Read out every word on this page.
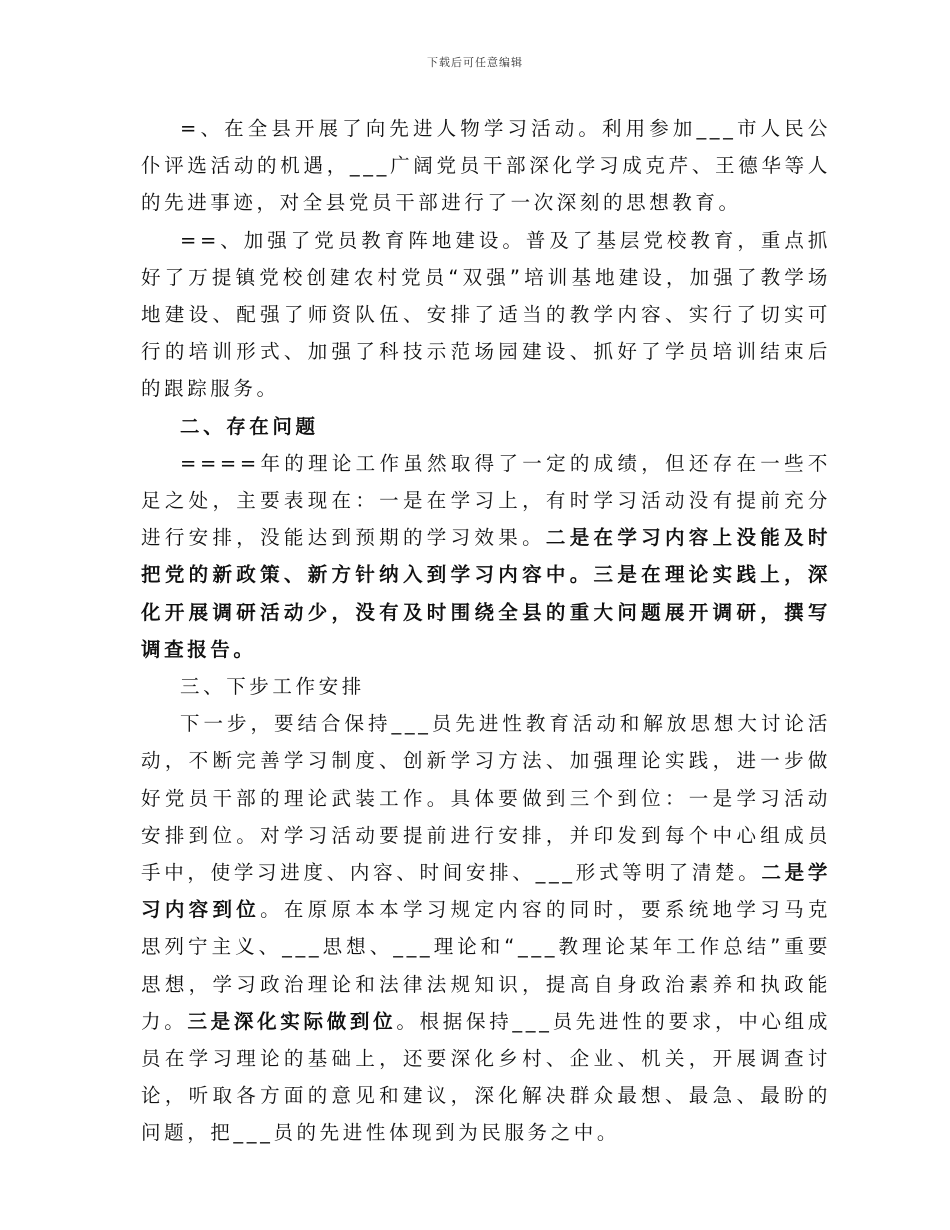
下载后可任意编辑

=、在全县开展了向先进人物学习活动。利用参加___市人民公仆评选活动的机遇，___广阔党员干部深化学习成克芹、王德华等人的先进事迹，对全县党员干部进行了一次深刻的思想教育。

==、加强了党员教育阵地建设。普及了基层党校教育，重点抓好了万提镇党校创建农村党员“双强”培训基地建设，加强了教学场地建设、配强了师资队伍、安排了适当的教学内容、实行了切实可行的培训形式、加强了科技示范场园建设、抓好了学员培训结束后的跟踪服务。

二、存在问题

====年的理论工作虽然取得了一定的成绩，但还存在一些不足之处，主要表现在：一是在学习上，有时学习活动没有提前充分进行安排，没能达到预期的学习效果。二是在学习内容上没能及时把党的新政策、新方针纳入到学习内容中。三是在理论实践上，深化开展调研活动少，没有及时围绕全县的重大问题展开调研，撰写调查报告。

三、下步工作安排

下一步，要结合保持___员先进性教育活动和解放思想大讨论活动，不断完善学习制度、创新学习方法、加强理论实践，进一步做好党员干部的理论武装工作。具体要做到三个到位：一是学习活动安排到位。对学习活动要提前进行安排，并印发到每个中心组成员手中，使学习进度、内容、时间安排、___形式等明了清楚。二是学习内容到位。在原原本本学习规定内容的同时，要系统地学习马克思列宁主义、___思想、___理论和“___教理论某年工作总结”重要思想，学习政治理论和法律法规知识，提高自身政治素养和执政能力。三是深化实际做到位。根据保持___员先进性的要求，中心组成员在学习理论的基础上，还要深化乡村、企业、机关，开展调查讨论，听取各方面的意见和建议，深化解决群众最想、最急、最盼的问题，把___员的先进性体现到为民服务之中。
